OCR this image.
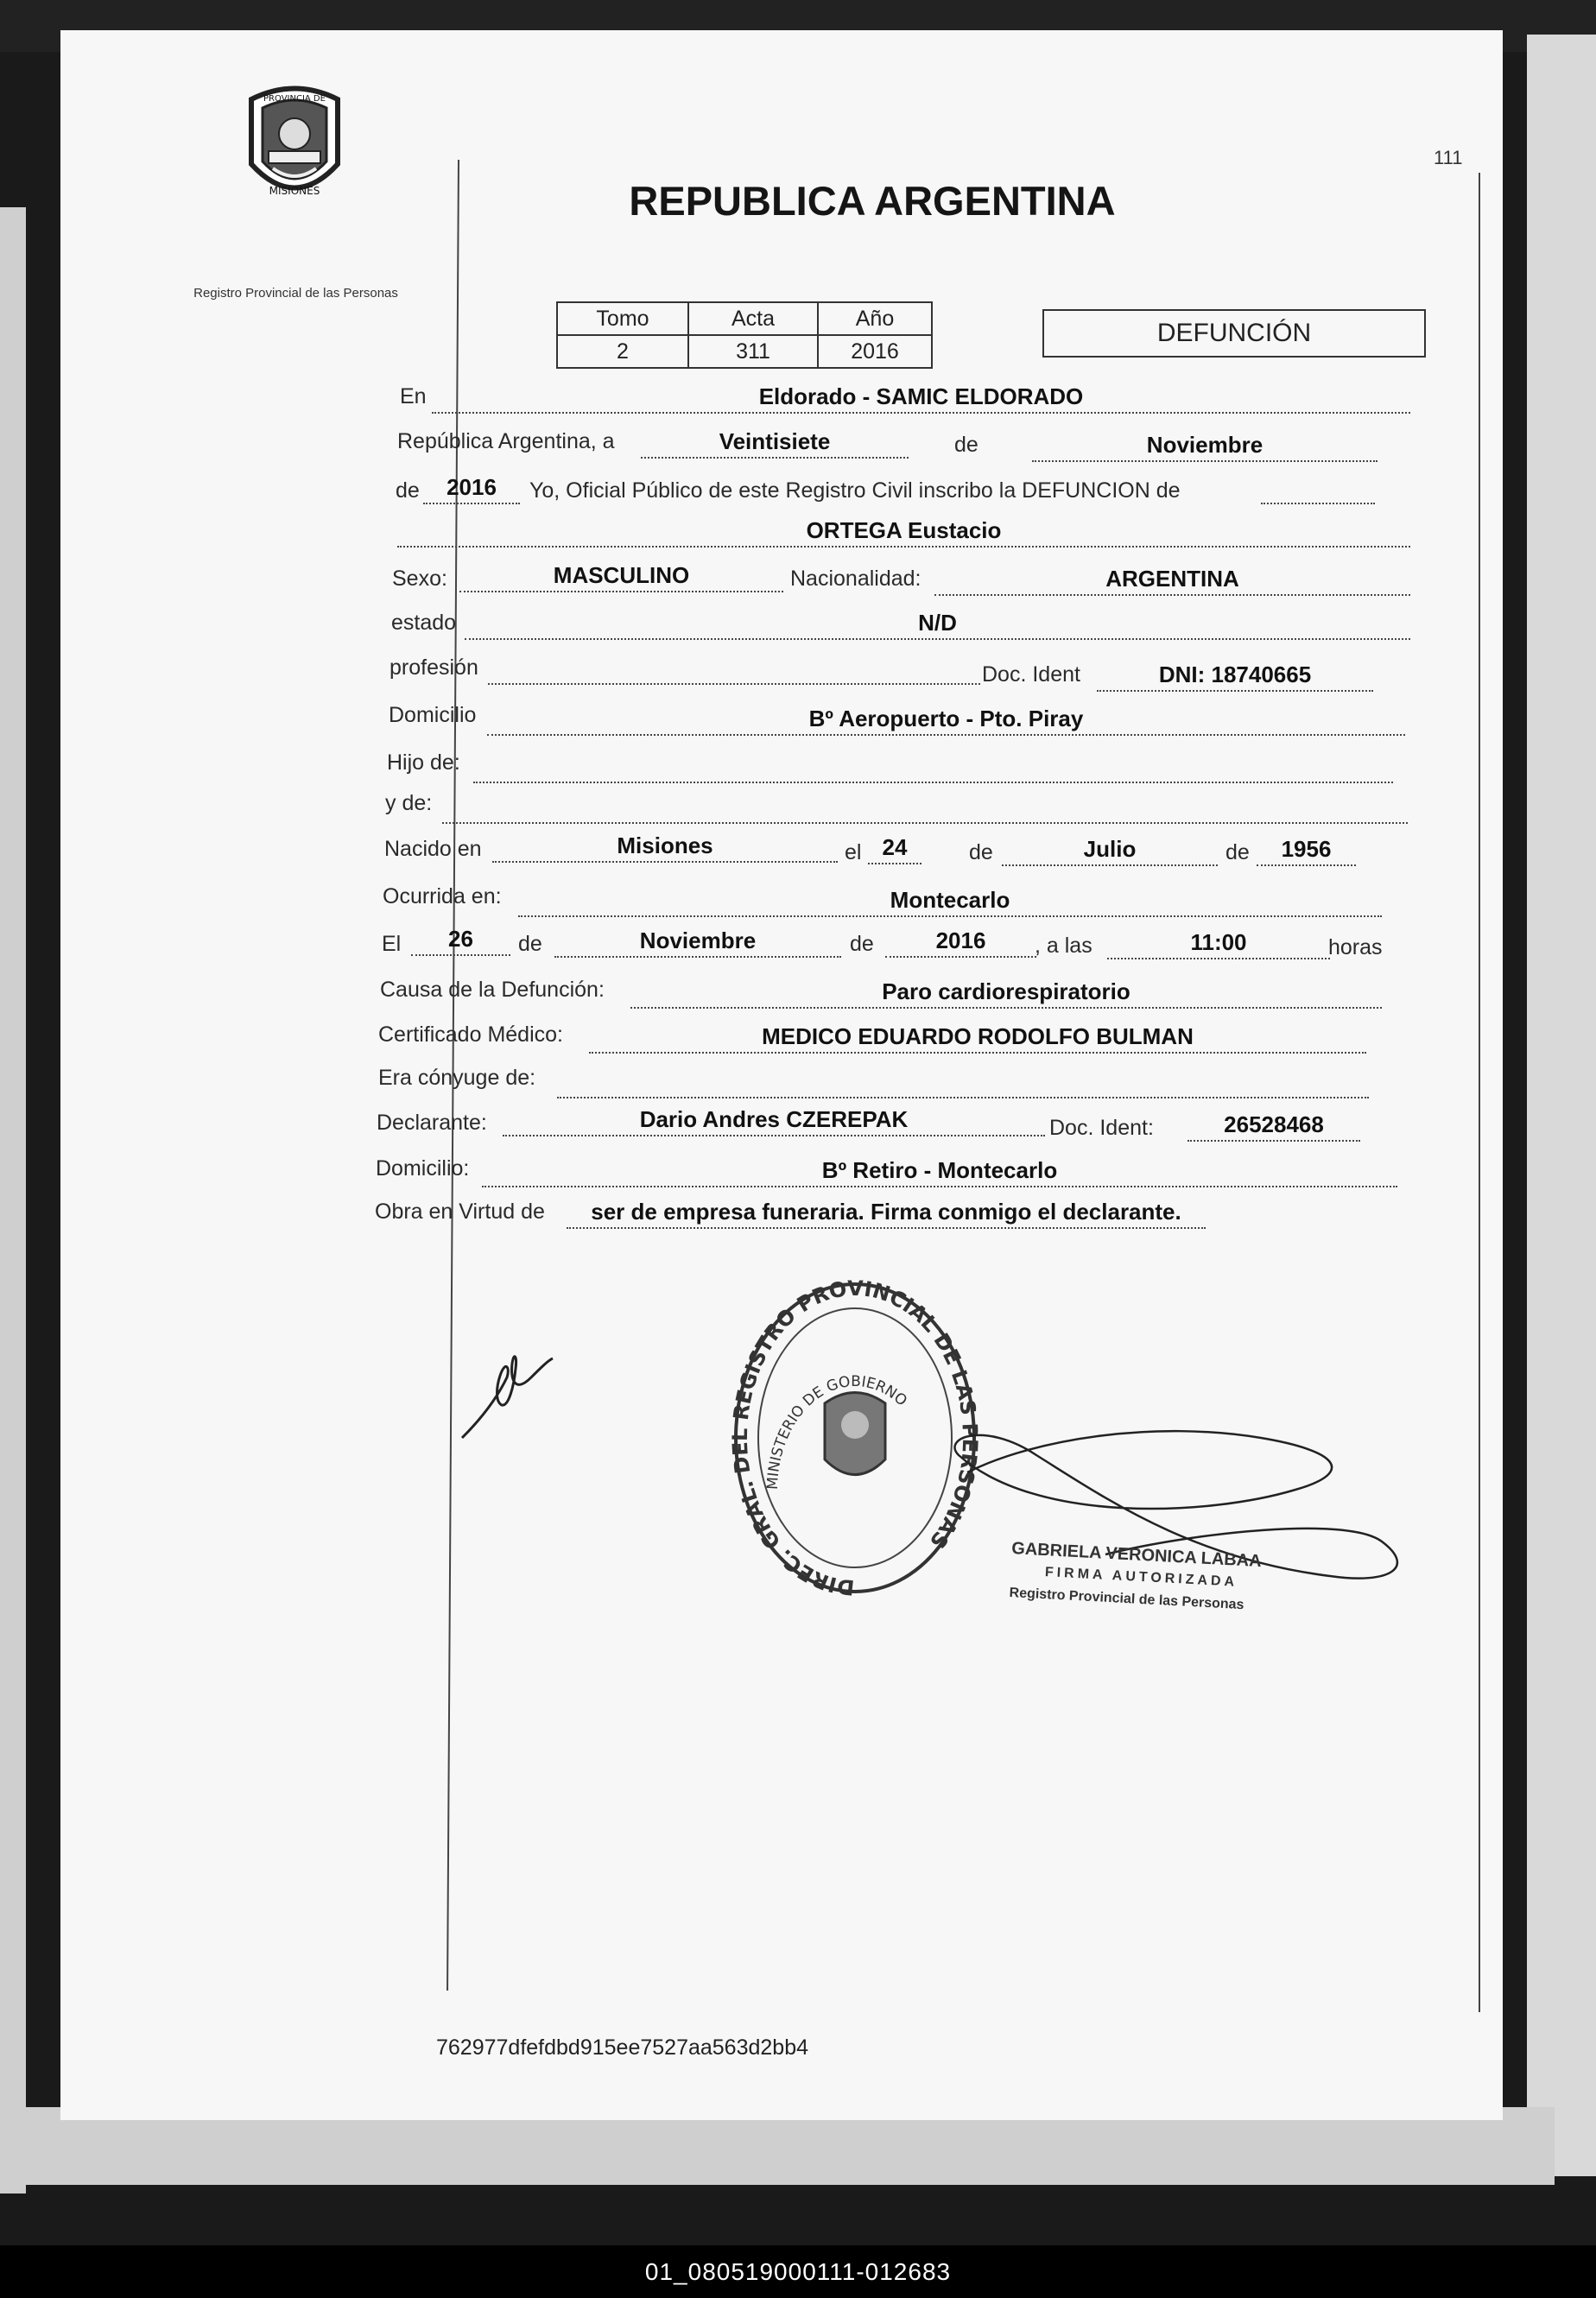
PROVINCIA DE
MISIONES
Registro Provincial de las Personas
111
REPUBLICA ARGENTINA
Tomo	Acta	Año
2	311	2016
DEFUNCIÓN
En	Eldorado - SAMIC ELDORADO
República Argentina, a	Veintisiete	de	Noviembre
de	2016	Yo, Oficial Público de este Registro Civil inscribo la DEFUNCION de
ORTEGA Eustacio
Sexo:	MASCULINO	Nacionalidad:	ARGENTINA
estado	N/D
profesión	Doc. Ident	DNI: 18740665
Domicilio	Bº Aeropuerto - Pto. Piray
Hijo de:
y de:
Nacido en	Misiones	el 24	de	Julio	de	1956
Ocurrida en:	Montecarlo
El	26	de	Noviembre	de	2016	, a las	11:00	horas
Causa de la Defunción:	Paro cardiorespiratorio
Certificado Médico:	MEDICO EDUARDO RODOLFO BULMAN
Era cónyuge de:
Declarante:	Dario Andres CZEREPAK	Doc. Ident:	26528468
Domicilio:	Bº Retiro - Montecarlo
Obra en Virtud de	ser de empresa funeraria. Firma conmigo el declarante.
DIREC. GRAL. DEL REGISTRO PROVINCIAL DE LAS PERSONAS
MINISTERIO DE GOBIERNO
GABRIELA VERONICA LABAA
FIRMA AUTORIZADA
Registro Provincial de las Personas
762977dfefdbd915ee7527aa563d2bb4
01_080519000111-012683
